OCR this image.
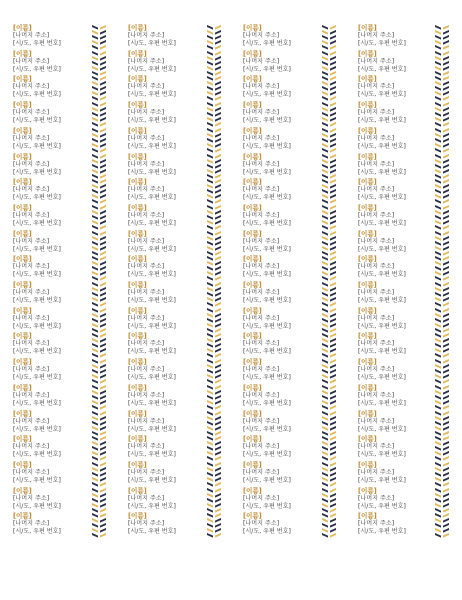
[이름]
[나머지 주소]
[시/도, 우편 번호]
[이름]
[나머지 주소]
[시/도, 우편 번호]
[이름]
[나머지 주소]
[시/도, 우편 번호]
[이름]
[나머지 주소]
[시/도, 우편 번호]
[이름]
[나머지 주소]
[시/도, 우편 번호]
[이름]
[나머지 주소]
[시/도, 우편 번호]
[이름]
[나머지 주소]
[시/도, 우편 번호]
[이름]
[나머지 주소]
[시/도, 우편 번호]
[이름]
[나머지 주소]
[시/도, 우편 번호]
[이름]
[나머지 주소]
[시/도, 우편 번호]
[이름]
[나머지 주소]
[시/도, 우편 번호]
[이름]
[나머지 주소]
[시/도, 우편 번호]
[이름]
[나머지 주소]
[시/도, 우편 번호]
[이름]
[나머지 주소]
[시/도, 우편 번호]
[이름]
[나머지 주소]
[시/도, 우편 번호]
[이름]
[나머지 주소]
[시/도, 우편 번호]
[이름]
[나머지 주소]
[시/도, 우편 번호]
[이름]
[나머지 주소]
[시/도, 우편 번호]
[이름]
[나머지 주소]
[시/도, 우편 번호]
[이름]
[나머지 주소]
[시/도, 우편 번호]
[이름]
[나머지 주소]
[시/도, 우편 번호]
[이름]
[나머지 주소]
[시/도, 우편 번호]
[이름]
[나머지 주소]
[시/도, 우편 번호]
[이름]
[나머지 주소]
[시/도, 우편 번호]
[이름]
[나머지 주소]
[시/도, 우편 번호]
[이름]
[나머지 주소]
[시/도, 우편 번호]
[이름]
[나머지 주소]
[시/도, 우편 번호]
[이름]
[나머지 주소]
[시/도, 우편 번호]
[이름]
[나머지 주소]
[시/도, 우편 번호]
[이름]
[나머지 주소]
[시/도, 우편 번호]
[이름]
[나머지 주소]
[시/도, 우편 번호]
[이름]
[나머지 주소]
[시/도, 우편 번호]
[이름]
[나머지 주소]
[시/도, 우편 번호]
[이름]
[나머지 주소]
[시/도, 우편 번호]
[이름]
[나머지 주소]
[시/도, 우편 번호]
[이름]
[나머지 주소]
[시/도, 우편 번호]
[이름]
[나머지 주소]
[시/도, 우편 번호]
[이름]
[나머지 주소]
[시/도, 우편 번호]
[이름]
[나머지 주소]
[시/도, 우편 번호]
[이름]
[나머지 주소]
[시/도, 우편 번호]
[이름]
[나머지 주소]
[시/도, 우편 번호]
[이름]
[나머지 주소]
[시/도, 우편 번호]
[이름]
[나머지 주소]
[시/도, 우편 번호]
[이름]
[나머지 주소]
[시/도, 우편 번호]
[이름]
[나머지 주소]
[시/도, 우편 번호]
[이름]
[나머지 주소]
[시/도, 우편 번호]
[이름]
[나머지 주소]
[시/도, 우편 번호]
[이름]
[나머지 주소]
[시/도, 우편 번호]
[이름]
[나머지 주소]
[시/도, 우편 번호]
[이름]
[나머지 주소]
[시/도, 우편 번호]
[이름]
[나머지 주소]
[시/도, 우편 번호]
[이름]
[나머지 주소]
[시/도, 우편 번호]
[이름]
[나머지 주소]
[시/도, 우편 번호]
[이름]
[나머지 주소]
[시/도, 우편 번호]
[이름]
[나머지 주소]
[시/도, 우편 번호]
[이름]
[나머지 주소]
[시/도, 우편 번호]
[이름]
[나머지 주소]
[시/도, 우편 번호]
[이름]
[나머지 주소]
[시/도, 우편 번호]
[이름]
[나머지 주소]
[시/도, 우편 번호]
[이름]
[나머지 주소]
[시/도, 우편 번호]
[이름]
[나머지 주소]
[시/도, 우편 번호]
[이름]
[나머지 주소]
[시/도, 우편 번호]
[이름]
[나머지 주소]
[시/도, 우편 번호]
[이름]
[나머지 주소]
[시/도, 우편 번호]
[이름]
[나머지 주소]
[시/도, 우편 번호]
[이름]
[나머지 주소]
[시/도, 우편 번호]
[이름]
[나머지 주소]
[시/도, 우편 번호]
[이름]
[나머지 주소]
[시/도, 우편 번호]
[이름]
[나머지 주소]
[시/도, 우편 번호]
[이름]
[나머지 주소]
[시/도, 우편 번호]
[이름]
[나머지 주소]
[시/도, 우편 번호]
[이름]
[나머지 주소]
[시/도, 우편 번호]
[이름]
[나머지 주소]
[시/도, 우편 번호]
[이름]
[나머지 주소]
[시/도, 우편 번호]
[이름]
[나머지 주소]
[시/도, 우편 번호]
[이름]
[나머지 주소]
[시/도, 우편 번호]
[이름]
[나머지 주소]
[시/도, 우편 번호]
[이름]
[나머지 주소]
[시/도, 우편 번호]
[이름]
[나머지 주소]
[시/도, 우편 번호]
[이름]
[나머지 주소]
[시/도, 우편 번호]
